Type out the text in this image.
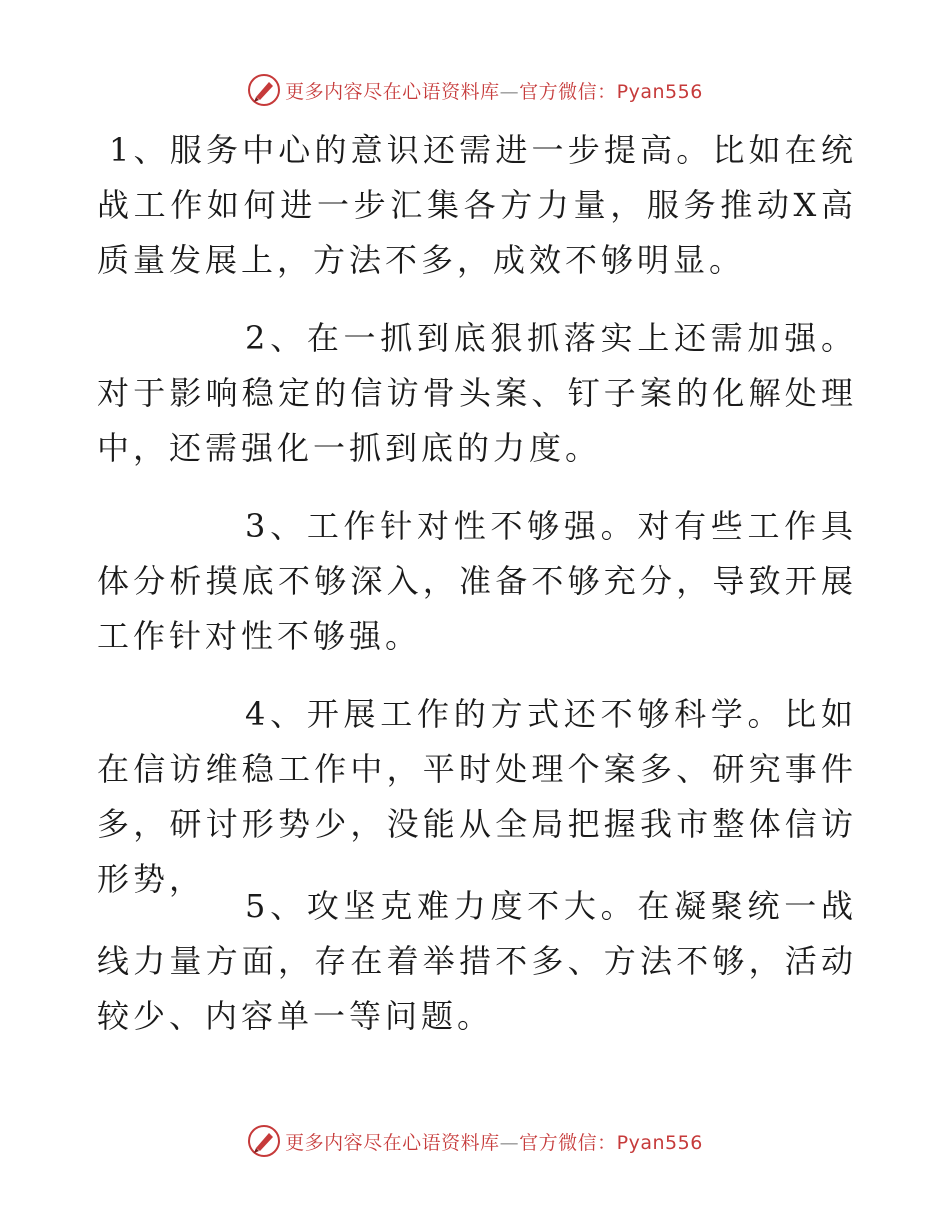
更多内容尽在心语资料库—官方微信：Pyan556

1、服务中心的意识还需进一步提高。比如在统战工作如何进一步汇集各方力量，服务推动X高质量发展上，方法不多，成效不够明显。

2、在一抓到底狠抓落实上还需加强。对于影响稳定的信访骨头案、钉子案的化解处理中，还需强化一抓到底的力度。

3、工作针对性不够强。对有些工作具体分析摸底不够深入，准备不够充分，导致开展工作针对性不够强。

4、开展工作的方式还不够科学。比如在信访维稳工作中，平时处理个案多、研究事件多，研讨形势少，没能从全局把握我市整体信访形势，

5、攻坚克难力度不大。在凝聚统一战线力量方面，存在着举措不多、方法不够，活动较少、内容单一等问题。

更多内容尽在心语资料库—官方微信：Pyan556
